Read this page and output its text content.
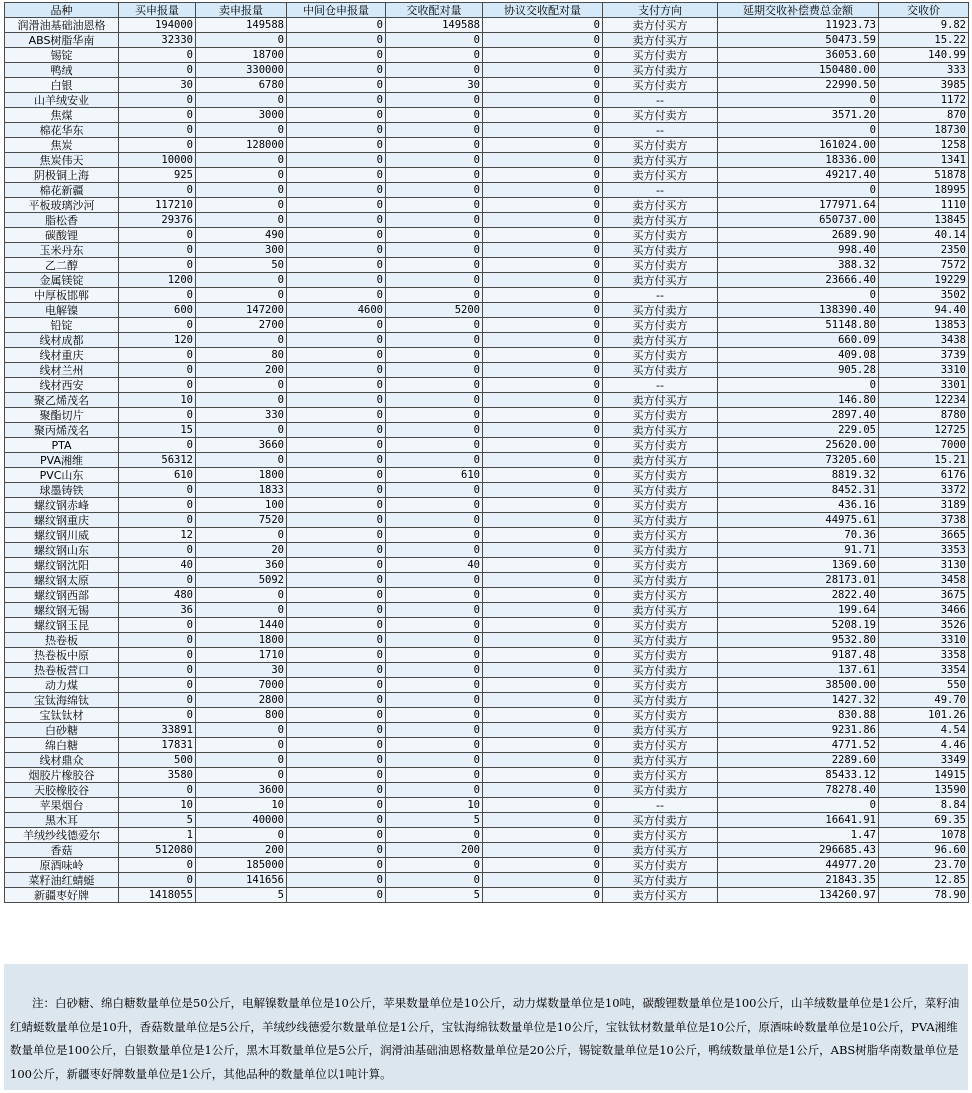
品种	买申报量	卖申报量	中间仓申报量	交收配对量	协议交收配对量	支付方向	延期交收补偿费总金额	交收价
润滑油基础油恩格	194000	149588	0	149588	0	卖方付买方	11923.73	9.82
ABS树脂华南	32330	0	0	0	0	卖方付买方	50473.59	15.22
锡锭	0	18700	0	0	0	买方付卖方	36053.60	140.99
鸭绒	0	330000	0	0	0	买方付卖方	150480.00	333
白银	30	6780	0	30	0	买方付卖方	22990.50	3985
山羊绒安业	0	0	0	0	0	--	0	1172
焦煤	0	3000	0	0	0	买方付卖方	3571.20	870
棉花华东	0	0	0	0	0	--	0	18730
焦炭	0	128000	0	0	0	买方付卖方	161024.00	1258
焦炭伟天	10000	0	0	0	0	卖方付买方	18336.00	1341
阴极铜上海	925	0	0	0	0	卖方付买方	49217.40	51878
棉花新疆	0	0	0	0	0	--	0	18995
平板玻璃沙河	117210	0	0	0	0	卖方付买方	177971.64	1110
脂松香	29376	0	0	0	0	卖方付买方	650737.00	13845
碳酸锂	0	490	0	0	0	买方付卖方	2689.90	40.14
玉米丹东	0	300	0	0	0	买方付卖方	998.40	2350
乙二醇	0	50	0	0	0	买方付卖方	388.32	7572
金属镁锭	1200	0	0	0	0	卖方付买方	23666.40	19229
中厚板邯郸	0	0	0	0	0	--	0	3502
电解镍	600	147200	4600	5200	0	买方付卖方	138390.40	94.40
铅锭	0	2700	0	0	0	买方付卖方	51148.80	13853
线材成都	120	0	0	0	0	卖方付买方	660.09	3438
线材重庆	0	80	0	0	0	买方付卖方	409.08	3739
线材兰州	0	200	0	0	0	买方付卖方	905.28	3310
线材西安	0	0	0	0	0	--	0	3301
聚乙烯茂名	10	0	0	0	0	卖方付买方	146.80	12234
聚酯切片	0	330	0	0	0	买方付卖方	2897.40	8780
聚丙烯茂名	15	0	0	0	0	卖方付买方	229.05	12725
PTA	0	3660	0	0	0	买方付卖方	25620.00	7000
PVA湘维	56312	0	0	0	0	卖方付买方	73205.60	15.21
PVC山东	610	1800	0	610	0	买方付卖方	8819.32	6176
球墨铸铁	0	1833	0	0	0	买方付卖方	8452.31	3372
螺纹钢赤峰	0	100	0	0	0	买方付卖方	436.16	3189
螺纹钢重庆	0	7520	0	0	0	买方付卖方	44975.61	3738
螺纹钢川威	12	0	0	0	0	卖方付买方	70.36	3665
螺纹钢山东	0	20	0	0	0	买方付卖方	91.71	3353
螺纹钢沈阳	40	360	0	40	0	买方付卖方	1369.60	3130
螺纹钢太原	0	5092	0	0	0	买方付卖方	28173.01	3458
螺纹钢西部	480	0	0	0	0	卖方付买方	2822.40	3675
螺纹钢无锡	36	0	0	0	0	卖方付买方	199.64	3466
螺纹钢玉昆	0	1440	0	0	0	买方付卖方	5208.19	3526
热卷板	0	1800	0	0	0	买方付卖方	9532.80	3310
热卷板中原	0	1710	0	0	0	买方付卖方	9187.48	3358
热卷板营口	0	30	0	0	0	买方付卖方	137.61	3354
动力煤	0	7000	0	0	0	买方付卖方	38500.00	550
宝钛海绵钛	0	2800	0	0	0	买方付卖方	1427.32	49.70
宝钛钛材	0	800	0	0	0	买方付卖方	830.88	101.26
白砂糖	33891	0	0	0	0	卖方付买方	9231.86	4.54
绵白糖	17831	0	0	0	0	卖方付买方	4771.52	4.46
线材鼎众	500	0	0	0	0	卖方付买方	2289.60	3349
烟胶片橡胶谷	3580	0	0	0	0	卖方付买方	85433.12	14915
天胶橡胶谷	0	3600	0	0	0	买方付卖方	78278.40	13590
苹果烟台	10	10	0	10	0	--	0	8.84
黑木耳	5	40000	0	5	0	买方付卖方	16641.91	69.35
羊绒纱线德爱尔	1	0	0	0	0	卖方付买方	1.47	1078
香菇	512080	200	0	200	0	卖方付买方	296685.43	96.60
原酒味岭	0	185000	0	0	0	买方付卖方	44977.20	23.70
菜籽油红蜻蜓	0	141656	0	0	0	买方付卖方	21843.35	12.85
新疆枣好牌	1418055	5	0	5	0	卖方付买方	134260.97	78.90
注：白砂糖、绵白糖数量单位是50公斤，电解镍数量单位是10公斤，苹果数量单位是10公斤，动力煤数量单位是10吨，碳酸锂数量单位是100公斤，山羊绒数量单位是1公斤，菜籽油红蜻蜓数量单位是10升，香菇数量单位是5公斤，羊绒纱线德爱尔数量单位是1公斤，宝钛海绵钛数量单位是10公斤，宝钛钛材数量单位是10公斤，原酒味岭数量单位是10公斤，PVA湘维数量单位是100公斤，白银数量单位是1公斤，黑木耳数量单位是5公斤，润滑油基础油恩格数量单位是20公斤，锡锭数量单位是10公斤，鸭绒数量单位是1公斤，ABS树脂华南数量单位是100公斤，新疆枣好牌数量单位是1公斤，其他品种的数量单位以1吨计算。
